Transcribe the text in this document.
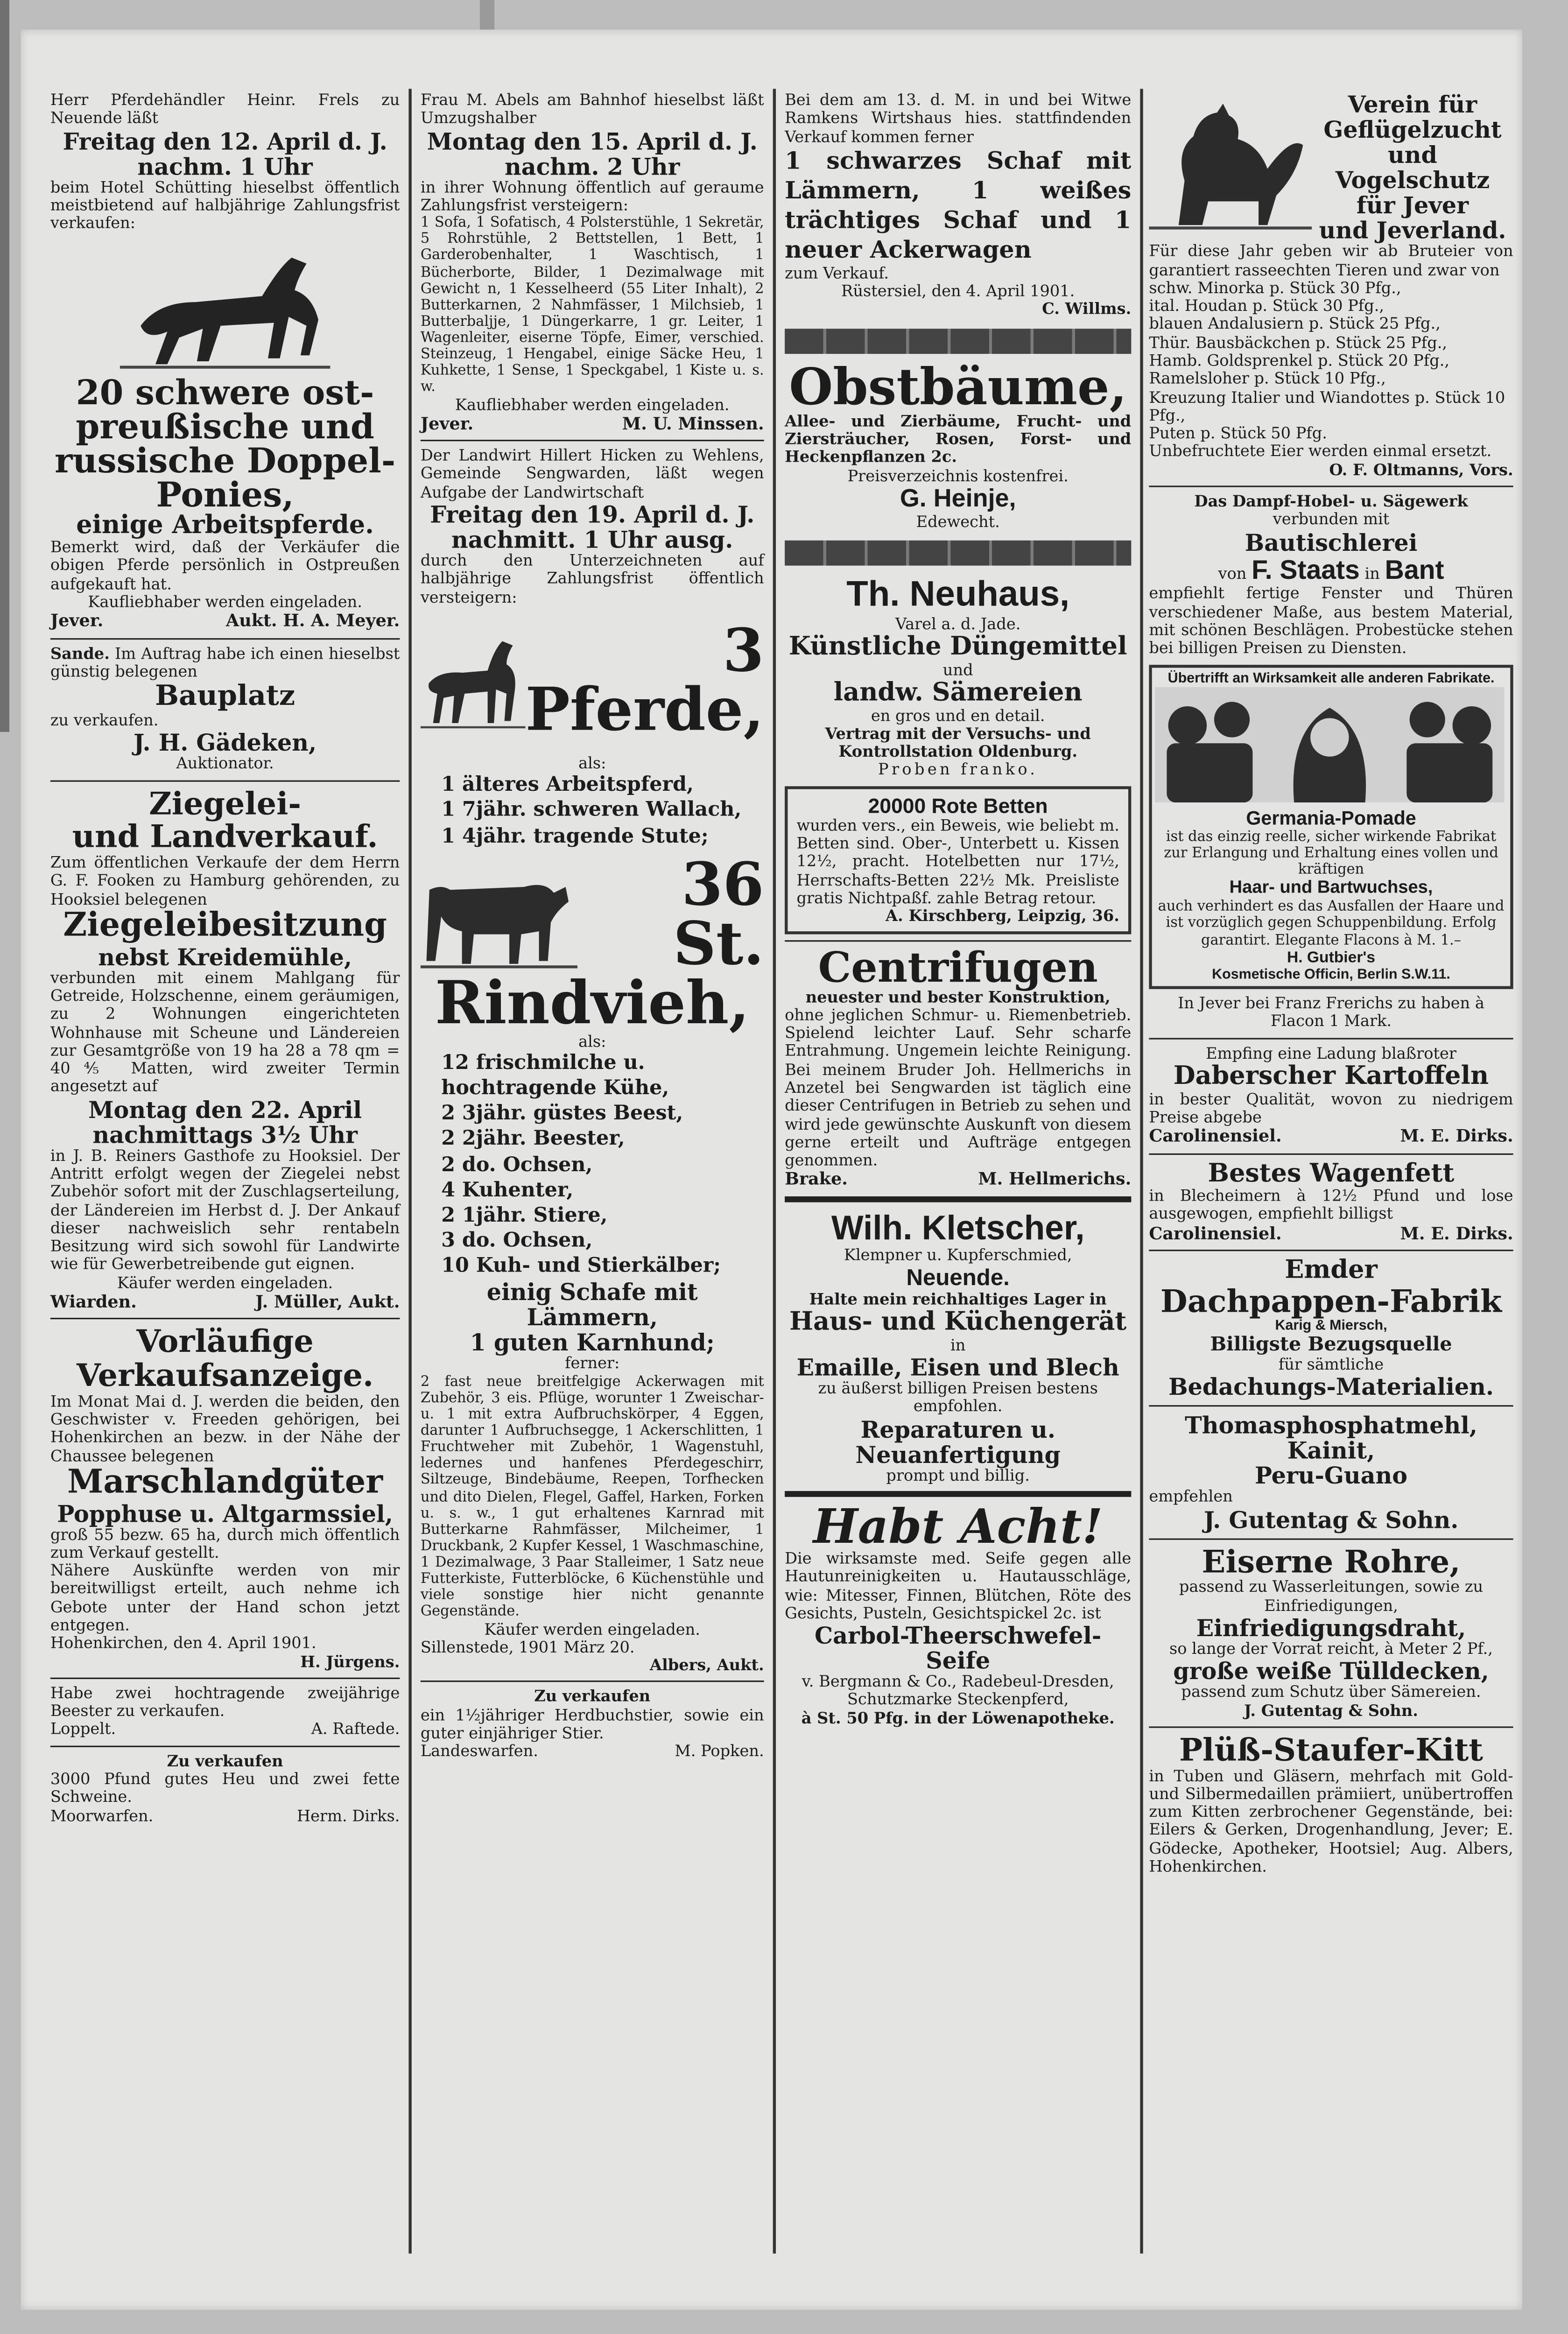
Herr Pferdehändler Heinr. Frels zu Neuende läßt

Freitag den 12. April d. J.

nachm. 1 Uhr

beim Hotel Schütting hieselbst öffentlich meistbietend auf halbjährige Zahlungsfrist verkaufen:

20 schwere ost-

preußische und

russische Doppel-

Ponies,

einige Arbeitspferde.

Bemerkt wird, daß der Verkäufer die obigen Pferde persönlich in Ostpreußen aufgekauft hat.

Kaufliebhaber werden eingeladen.

Jever.	Aukt. H. A. Meyer.

Sande. Im Auftrag habe ich einen hieselbst günstig belegenen

Bauplatz

zu verkaufen.

J. H. Gädeken,

Auktionator.

Ziegelei-

und Landverkauf.

Zum öffentlichen Verkaufe der dem Herrn G. F. Fooken zu Hamburg gehörenden, zu Hooksiel belegenen

Ziegeleibesitzung

nebst Kreidemühle,

verbunden mit einem Mahlgang für Getreide, Holzschenne, einem geräumigen, zu 2 Wohnungen eingerichteten Wohnhause mit Scheune und Ländereien zur Gesamtgröße von 19 ha 28 a 78 qm = 40⅘ Matten, wird zweiter Termin angesetzt auf

Montag den 22. April

nachmittags 3½ Uhr

in J. B. Reiners Gasthofe zu Hooksiel. Der Antritt erfolgt wegen der Ziegelei nebst Zubehör sofort mit der Zuschlagserteilung, der Ländereien im Herbst d. J. Der Ankauf dieser nachweislich sehr rentabeln Besitzung wird sich sowohl für Landwirte wie für Gewerbetreibende gut eignen.

Käufer werden eingeladen.

Wiarden.	J. Müller, Aukt.

Vorläufige

Verkaufsanzeige.

Im Monat Mai d. J. werden die beiden, den Geschwister v. Freeden gehörigen, bei Hohenkirchen an bezw. in der Nähe der Chaussee belegenen

Marschlandgüter

Popphuse u. Altgarmssiel,

groß 55 bezw. 65 ha, durch mich öffentlich zum Verkauf gestellt.

Nähere Auskünfte werden von mir bereitwilligst erteilt, auch nehme ich Gebote unter der Hand schon jetzt entgegen.

Hohenkirchen, den 4. April 1901.

H. Jürgens.

Habe zwei hochtragende zweijährige Beester zu verkaufen.

Loppelt.	A. Raftede.

Zu verkaufen

3000 Pfund gutes Heu und zwei fette Schweine.

Moorwarfen.	Herm. Dirks.

Frau M. Abels am Bahnhof hieselbst läßt Umzugshalber

Montag den 15. April d. J.

nachm. 2 Uhr

in ihrer Wohnung öffentlich auf geraume Zahlungsfrist versteigern:

1 Sofa, 1 Sofatisch, 4 Polsterstühle, 1 Sekretär, 5 Rohrstühle, 2 Bettstellen, 1 Bett, 1 Garderobenhalter, 1 Waschtisch, 1 Bücherborte, Bilder, 1 Dezimalwage mit Gewicht n, 1 Kesselheerd (55 Liter Inhalt), 2 Butterkarnen, 2 Nahmfässer, 1 Milchsieb, 1 Butterbaljje, 1 Düngerkarre, 1 gr. Leiter, 1 Wagenleiter, eiserne Töpfe, Eimer, verschied. Steinzeug, 1 Hengabel, einige Säcke Heu, 1 Kuhkette, 1 Sense, 1 Speckgabel, 1 Kiste u. s. w.

Kaufliebhaber werden eingeladen.

Jever.	M. U. Minssen.

Der Landwirt Hillert Hicken zu Wehlens, Gemeinde Sengwarden, läßt wegen Aufgabe der Landwirtschaft

Freitag den 19. April d. J.

nachmitt. 1 Uhr ausg.

durch den Unterzeichneten auf halbjährige Zahlungsfrist öffentlich versteigern:

3

Pferde,

als:

1 älteres Arbeitspferd,
1 7jähr. schweren Wallach,
1 4jähr. tragende Stute;

36 St.

Rindvieh,

als:

12 frischmilche u. hochtragende Kühe,
2 3jähr. güstes Beest,
2 2jähr. Beester,
2 do. Ochsen,
4 Kuhenter,
2 1jähr. Stiere,
3 do. Ochsen,
10 Kuh- und Stierkälber;

einig Schafe mit Lämmern,

1 guten Karnhund;

ferner:

2 fast neue breitfelgige Ackerwagen mit Zubehör, 3 eis. Pflüge, worunter 1 Zweischar- u. 1 mit extra Aufbruchskörper, 4 Eggen, darunter 1 Aufbruchsegge, 1 Ackerschlitten, 1 Fruchtweher mit Zubehör, 1 Wagenstuhl, ledernes und hanfenes Pferdegeschirr, Siltzeuge, Bindebäume, Reepen, Torfhecken und dito Dielen, Flegel, Gaffel, Harken, Forken u. s. w., 1 gut erhaltenes Karnrad mit Butterkarne Rahmfässer, Milcheimer, 1 Druckbank, 2 Kupfer Kessel, 1 Waschmaschine, 1 Dezimalwage, 3 Paar Stalleimer, 1 Satz neue Futterkiste, Futterblöcke, 6 Küchenstühle und viele sonstige hier nicht genannte Gegenstände.

Käufer werden eingeladen.

Sillenstede, 1901 März 20.

Albers, Aukt.

Zu verkaufen

ein 1½jähriger Herdbuchstier, sowie ein guter einjähriger Stier.

Landeswarfen.	M. Popken.

Bei dem am 13. d. M. in und bei Witwe Ramkens Wirtshaus hies. stattfindenden Verkauf kommen ferner

1 schwarzes Schaf mit Lämmern, 1 weißes trächtiges Schaf und 1 neuer Ackerwagen

zum Verkauf.

Rüstersiel, den 4. April 1901.

C. Willms.

Obstbäume,

Allee- und Zierbäume, Frucht- und Ziersträucher, Rosen, Forst- und Heckenpflanzen 2c.

Preisverzeichnis kostenfrei.

G. Heinje,

Edewecht.

Th. Neuhaus,

Varel a. d. Jade.

Künstliche Düngemittel

und

landw. Sämereien

en gros und en detail.

Vertrag mit der Versuchs- und Kontrollstation Oldenburg.

Proben franko.

20000 Rote Betten

wurden vers., ein Beweis, wie beliebt m. Betten sind. Ober-, Unterbett u. Kissen 12½, pracht. Hotelbetten nur 17½, Herrschafts-Betten 22½ Mk. Preisliste gratis Nichtpaßf. zahle Betrag retour.

A. Kirschberg, Leipzig, 36.

Centrifugen

neuester und bester Konstruktion,

ohne jeglichen Schmur- u. Riemenbetrieb. Spielend leichter Lauf. Sehr scharfe Entrahmung. Ungemein leichte Reinigung. Bei meinem Bruder Joh. Hellmerichs in Anzetel bei Sengwarden ist täglich eine dieser Centrifugen in Betrieb zu sehen und wird jede gewünschte Auskunft von diesem gerne erteilt und Aufträge entgegen genommen.

Brake.	M. Hellmerichs.

Wilh. Kletscher,

Klempner u. Kupferschmied,

Neuende.

Halte mein reichhaltiges Lager in

Haus- und Küchengerät

in

Emaille, Eisen und Blech

zu äußerst billigen Preisen bestens empfohlen.

Reparaturen u. Neuanfertigung

prompt und billig.

Habt Acht!

Die wirksamste med. Seife gegen alle Hautunreinigkeiten u. Hautausschläge, wie: Mitesser, Finnen, Blütchen, Röte des Gesichts, Pusteln, Gesichtspickel 2c. ist

Carbol-Theerschwefel-Seife

v. Bergmann & Co., Radebeul-Dresden, Schutzmarke Steckenpferd,

à St. 50 Pfg. in der Löwenapotheke.

Verein für

Geflügelzucht

und Vogelschutz

für Jever

und Jeverland.

Für diese Jahr geben wir ab Bruteier von garantiert rasseechten Tieren und zwar von

schw. Minorka p. Stück 30 Pfg.,

ital. Houdan p. Stück 30 Pfg.,

blauen Andalusiern p. Stück 25 Pfg.,

Thür. Bausbäckchen p. Stück 25 Pfg.,

Hamb. Goldsprenkel p. Stück 20 Pfg.,

Ramelsloher p. Stück 10 Pfg.,

Kreuzung Italier und Wiandottes p. Stück 10 Pfg.,

Puten p. Stück 50 Pfg.

Unbefruchtete Eier werden einmal ersetzt.

O. F. Oltmanns, Vors.

Das Dampf-Hobel- u. Sägewerk

verbunden mit

Bautischlerei

von F. Staats in Bant

empfiehlt fertige Fenster und Thüren verschiedener Maße, aus bestem Material, mit schönen Beschlägen. Probestücke stehen bei billigen Preisen zu Diensten.

Übertrifft an Wirksamkeit alle anderen Fabrikate.

Germania-Pomade

ist das einzig reelle, sicher wirkende Fabrikat zur Erlangung und Erhaltung eines vollen und kräftigen

Haar- und Bartwuchses,

auch verhindert es das Ausfallen der Haare und ist vorzüglich gegen Schuppenbildung. Erfolg garantirt. Elegante Flacons à M. 1.–

H. Gutbier's

Kosmetische Officin, Berlin S.W.11.

In Jever bei Franz Frerichs zu haben à Flacon 1 Mark.

Empfing eine Ladung blaßroter

Daberscher Kartoffeln

in bester Qualität, wovon zu niedrigem Preise abgebe

Carolinensiel.	M. E. Dirks.

Bestes Wagenfett

in Blecheimern à 12½ Pfund und lose ausgewogen, empfiehlt billigst

Carolinensiel.	M. E. Dirks.

Emder

Dachpappen-Fabrik

Karig & Miersch,

Billigste Bezugsquelle

für sämtliche

Bedachungs-Materialien.

Thomasphosphatmehl,

Kainit,

Peru-Guano

empfehlen

J. Gutentag & Sohn.

Eiserne Rohre,

passend zu Wasserleitungen, sowie zu Einfriedigungen,

Einfriedigungsdraht,

so lange der Vorrat reicht, à Meter 2 Pf.,

große weiße Tülldecken,

passend zum Schutz über Sämereien.

J. Gutentag & Sohn.

Plüß-Staufer-Kitt

in Tuben und Gläsern, mehrfach mit Gold- und Silbermedaillen prämiiert, unübertroffen zum Kitten zerbrochener Gegenstände, bei: Eilers & Gerken, Drogenhandlung, Jever; E. Gödecke, Apotheker, Hootsiel; Aug. Albers, Hohenkirchen.
